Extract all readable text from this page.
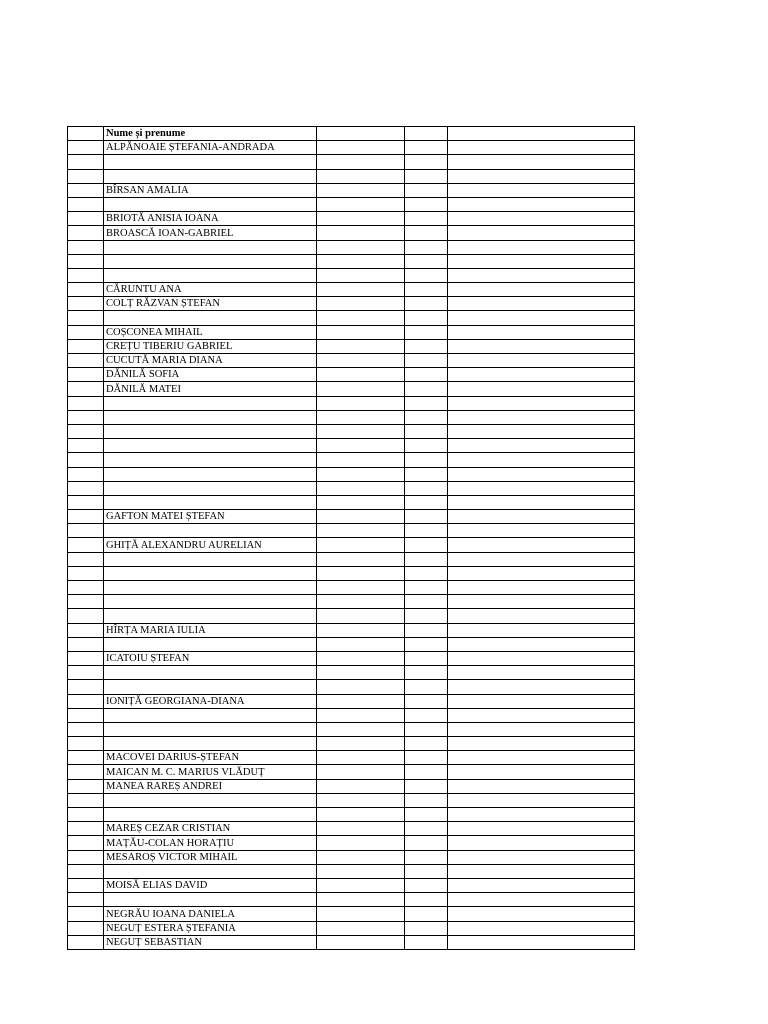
	Nume și prenume			
	ALPĂNOAIE ȘTEFANIA-ANDRADA			

	BÎRSAN AMALIA			

	BRIOTĂ ANISIA IOANA			
	BROASCĂ IOAN-GABRIEL			

	CĂRUNTU ANA			
	COLȚ RĂZVAN ȘTEFAN			

	COȘCONEA MIHAIL			
	CREȚU TIBERIU GABRIEL			
	CUCUTĂ MARIA DIANA			
	DĂNILĂ SOFIA			
	DĂNILĂ MATEI			

	GAFTON MATEI ȘTEFAN			

	GHIȚĂ ALEXANDRU AURELIAN			

	HÎRȚA MARIA IULIA			

	ICATOIU ȘTEFAN			

	IONIȚĂ GEORGIANA-DIANA			

	MACOVEI DARIUS-ȘTEFAN			
	MAICAN M. C. MARIUS VLĂDUȚ			
	MANEA RAREȘ ANDREI			

	MAREȘ CEZAR CRISTIAN			
	MAȚĂU-COLAN HORAȚIU			
	MESAROȘ VICTOR MIHAIL			

	MOISĂ ELIAS DAVID			

	NEGRĂU IOANA DANIELA			
	NEGUȚ ESTERA ȘTEFANIA			
	NEGUȚ SEBASTIAN			
